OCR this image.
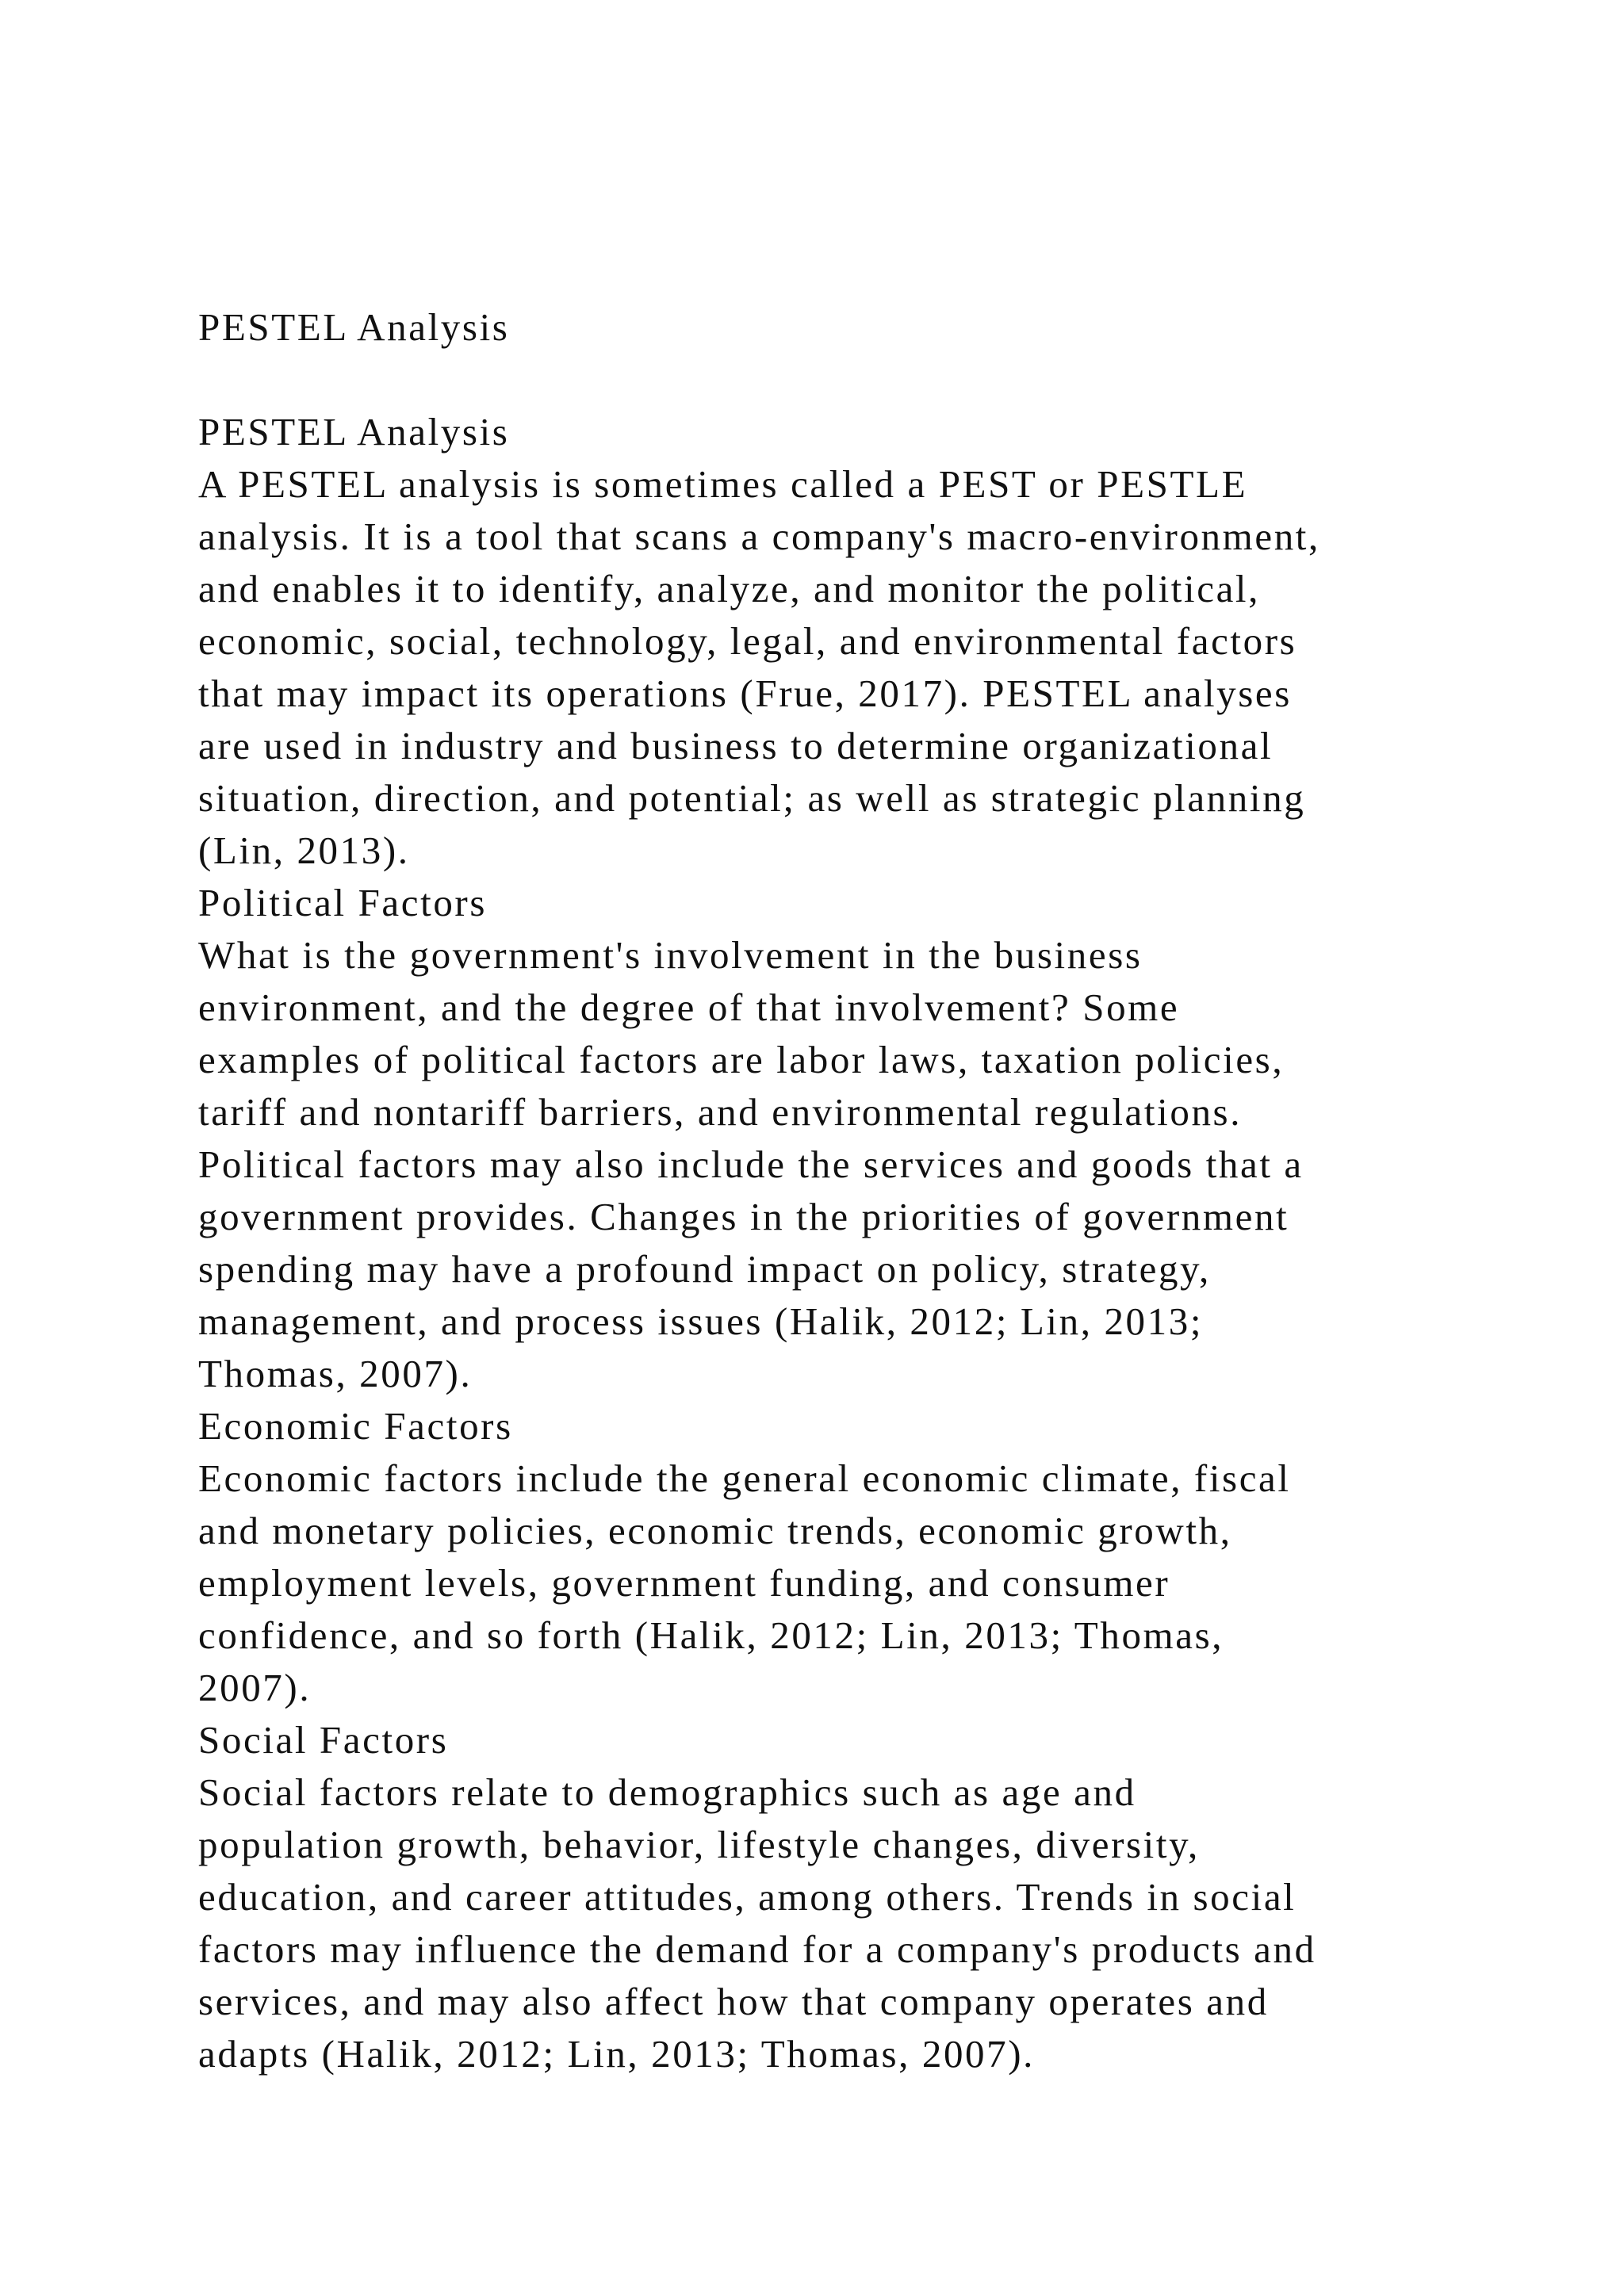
PESTEL Analysis
PESTEL Analysis
A PESTEL analysis is sometimes called a PEST or PESTLE
analysis. It is a tool that scans a company's macro-environment,
and enables it to identify, analyze, and monitor the political,
economic, social, technology, legal, and environmental factors
that may impact its operations (Frue, 2017). PESTEL analyses
are used in industry and business to determine organizational
situation, direction, and potential; as well as strategic planning
(Lin, 2013).
Political Factors
What is the government's involvement in the business
environment, and the degree of that involvement? Some
examples of political factors are labor laws, taxation policies,
tariff and nontariff barriers, and environmental regulations.
Political factors may also include the services and goods that a
government provides. Changes in the priorities of government
spending may have a profound impact on policy, strategy,
management, and process issues (Halik, 2012; Lin, 2013;
Thomas, 2007).
Economic Factors
Economic factors include the general economic climate, fiscal
and monetary policies, economic trends, economic growth,
employment levels, government funding, and consumer
confidence, and so forth (Halik, 2012; Lin, 2013; Thomas,
2007).
Social Factors
Social factors relate to demographics such as age and
population growth, behavior, lifestyle changes, diversity,
education, and career attitudes, among others. Trends in social
factors may influence the demand for a company's products and
services, and may also affect how that company operates and
adapts (Halik, 2012; Lin, 2013; Thomas, 2007).
